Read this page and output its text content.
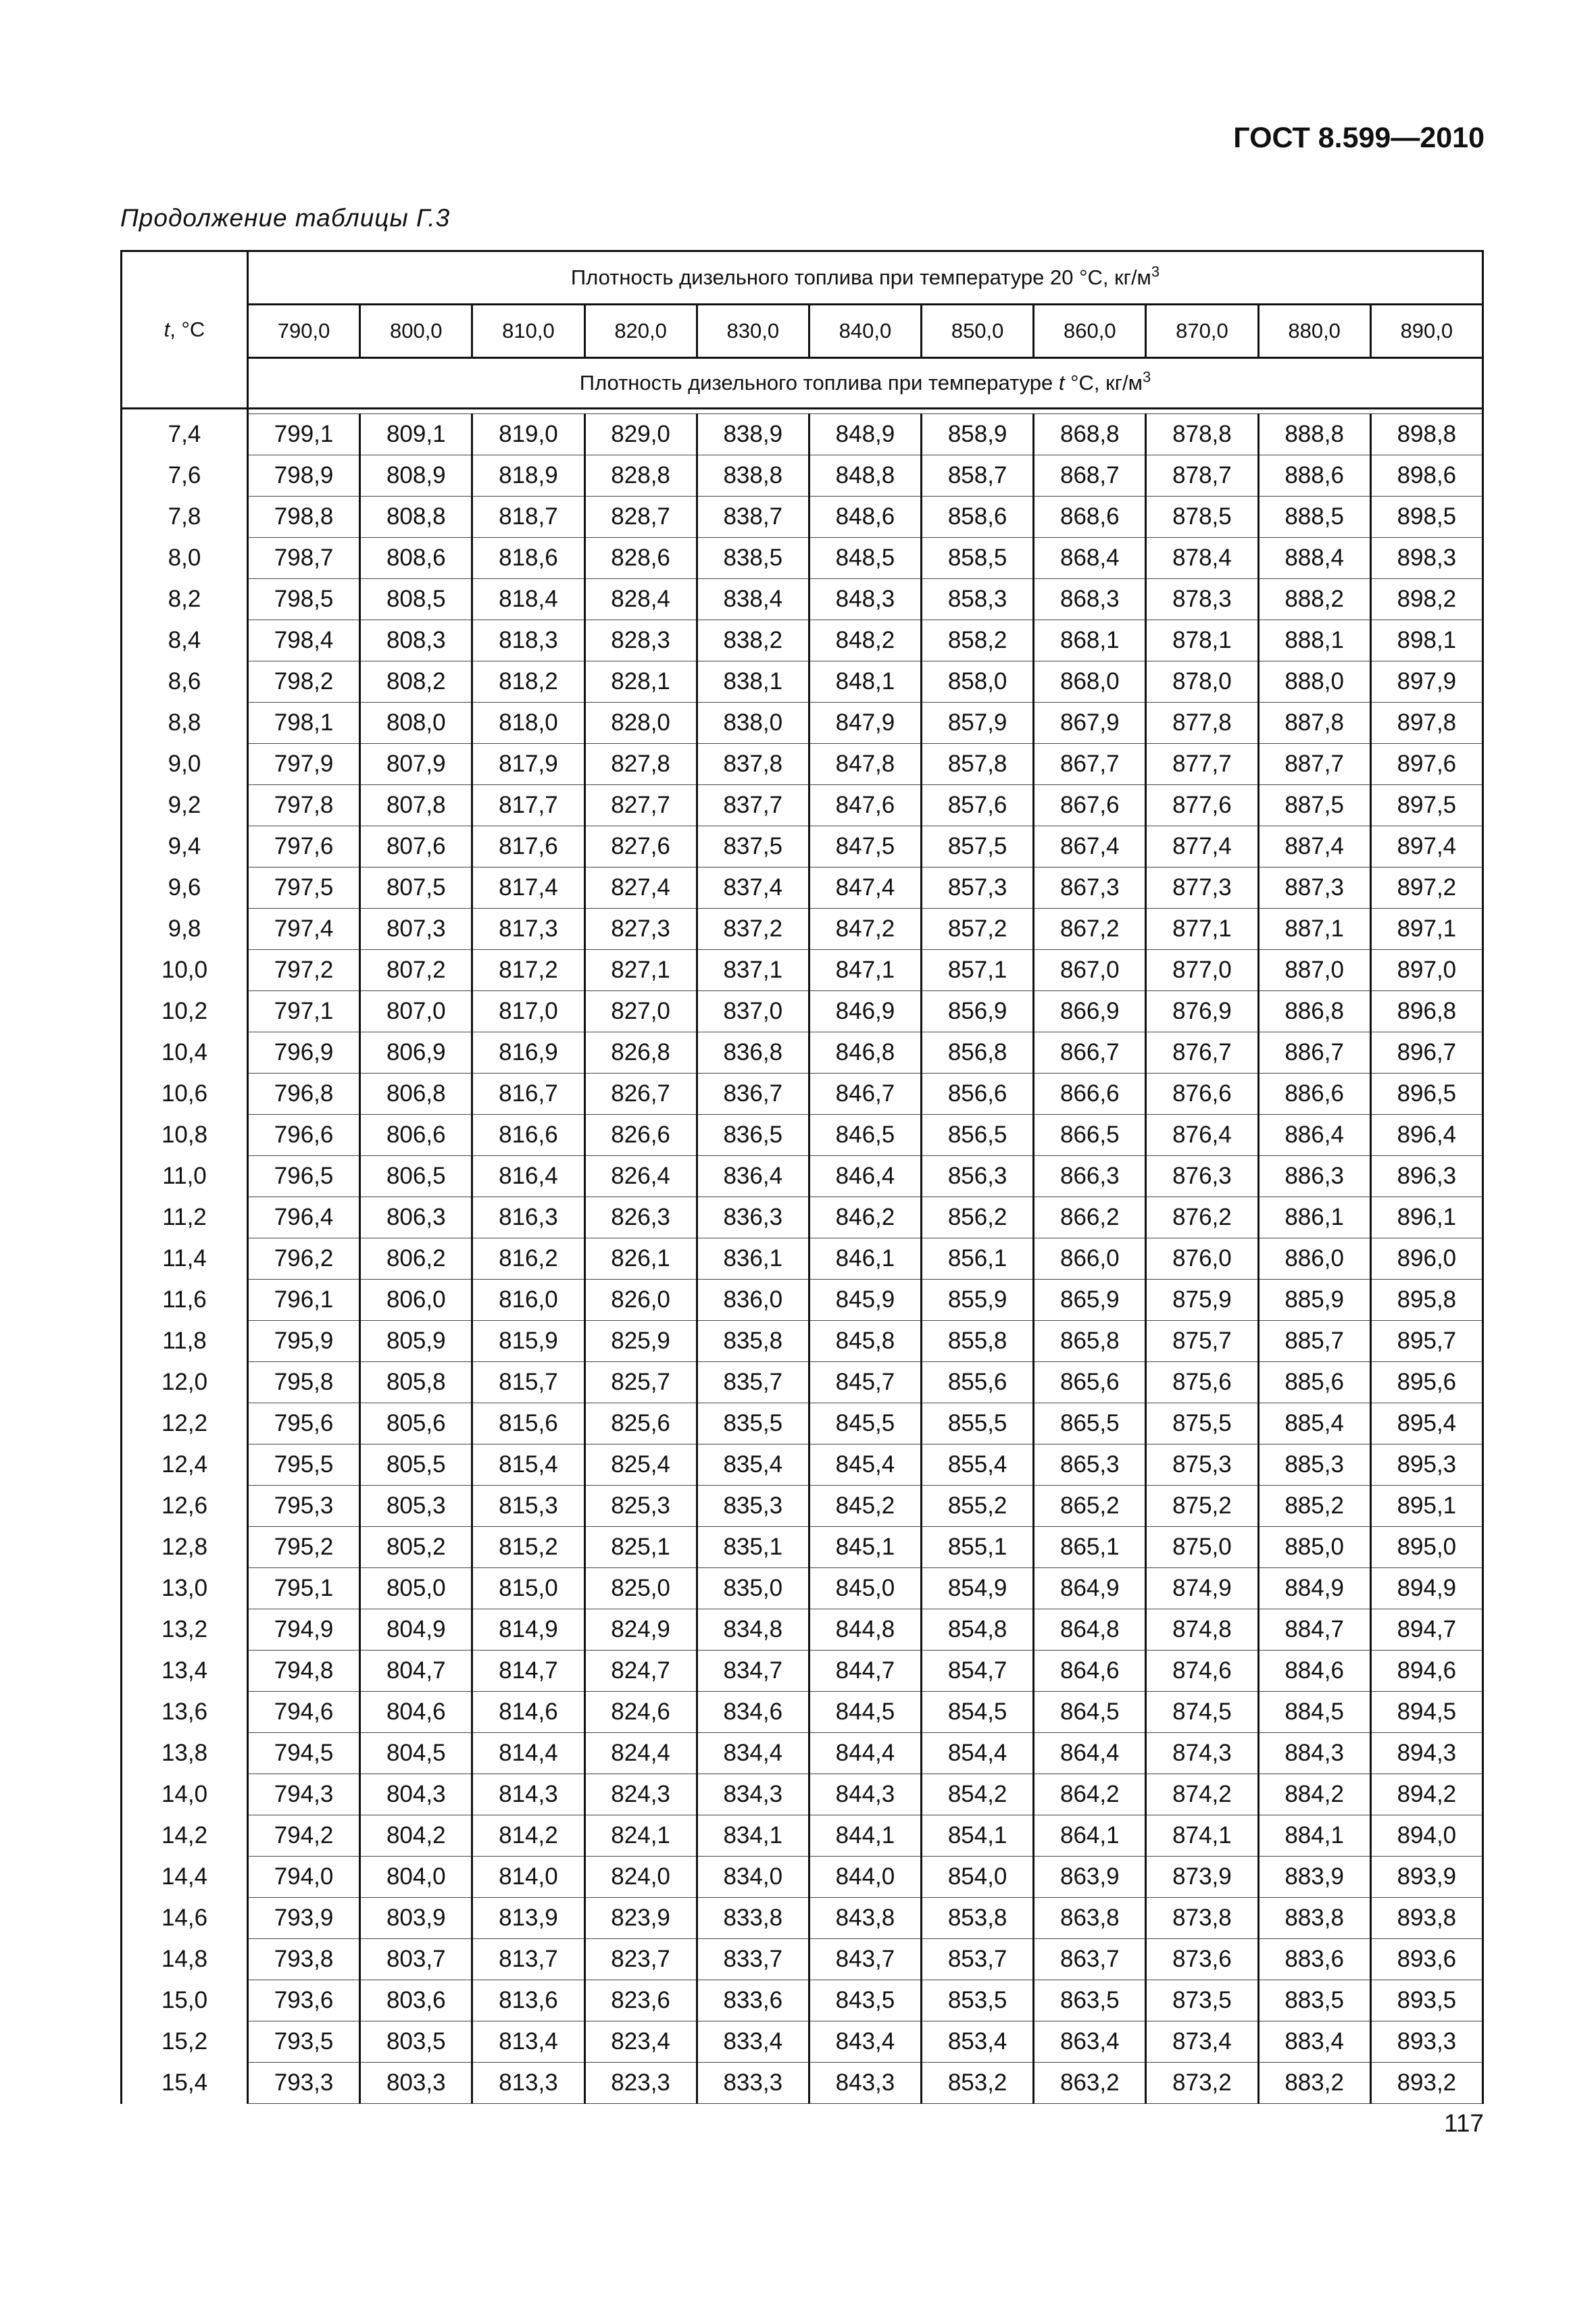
ГОСТ 8.599—2010
Продолжение таблицы Г.3
t, °С	Плотность дизельного топлива при температуре 20 °С, $кг/м^3$
	790,0	800,0	810,0	820,0	830,0	840,0	850,0	860,0	870,0	880,0	890,0
	Плотность дизельного топлива при температуре t °С, $кг/м^3$

7,4	799,1	809,1	819,0	829,0	838,9	848,9	858,9	868,8	878,8	888,8	898,8
7,6	798,9	808,9	818,9	828,8	838,8	848,8	858,7	868,7	878,7	888,6	898,6
7,8	798,8	808,8	818,7	828,7	838,7	848,6	858,6	868,6	878,5	888,5	898,5
8,0	798,7	808,6	818,6	828,6	838,5	848,5	858,5	868,4	878,4	888,4	898,3
8,2	798,5	808,5	818,4	828,4	838,4	848,3	858,3	868,3	878,3	888,2	898,2
8,4	798,4	808,3	818,3	828,3	838,2	848,2	858,2	868,1	878,1	888,1	898,1
8,6	798,2	808,2	818,2	828,1	838,1	848,1	858,0	868,0	878,0	888,0	897,9
8,8	798,1	808,0	818,0	828,0	838,0	847,9	857,9	867,9	877,8	887,8	897,8
9,0	797,9	807,9	817,9	827,8	837,8	847,8	857,8	867,7	877,7	887,7	897,6
9,2	797,8	807,8	817,7	827,7	837,7	847,6	857,6	867,6	877,6	887,5	897,5
9,4	797,6	807,6	817,6	827,6	837,5	847,5	857,5	867,4	877,4	887,4	897,4
9,6	797,5	807,5	817,4	827,4	837,4	847,4	857,3	867,3	877,3	887,3	897,2
9,8	797,4	807,3	817,3	827,3	837,2	847,2	857,2	867,2	877,1	887,1	897,1
10,0	797,2	807,2	817,2	827,1	837,1	847,1	857,1	867,0	877,0	887,0	897,0
10,2	797,1	807,0	817,0	827,0	837,0	846,9	856,9	866,9	876,9	886,8	896,8
10,4	796,9	806,9	816,9	826,8	836,8	846,8	856,8	866,7	876,7	886,7	896,7
10,6	796,8	806,8	816,7	826,7	836,7	846,7	856,6	866,6	876,6	886,6	896,5
10,8	796,6	806,6	816,6	826,6	836,5	846,5	856,5	866,5	876,4	886,4	896,4
11,0	796,5	806,5	816,4	826,4	836,4	846,4	856,3	866,3	876,3	886,3	896,3
11,2	796,4	806,3	816,3	826,3	836,3	846,2	856,2	866,2	876,2	886,1	896,1
11,4	796,2	806,2	816,2	826,1	836,1	846,1	856,1	866,0	876,0	886,0	896,0
11,6	796,1	806,0	816,0	826,0	836,0	845,9	855,9	865,9	875,9	885,9	895,8
11,8	795,9	805,9	815,9	825,9	835,8	845,8	855,8	865,8	875,7	885,7	895,7
12,0	795,8	805,8	815,7	825,7	835,7	845,7	855,6	865,6	875,6	885,6	895,6
12,2	795,6	805,6	815,6	825,6	835,5	845,5	855,5	865,5	875,5	885,4	895,4
12,4	795,5	805,5	815,4	825,4	835,4	845,4	855,4	865,3	875,3	885,3	895,3
12,6	795,3	805,3	815,3	825,3	835,3	845,2	855,2	865,2	875,2	885,2	895,1
12,8	795,2	805,2	815,2	825,1	835,1	845,1	855,1	865,1	875,0	885,0	895,0
13,0	795,1	805,0	815,0	825,0	835,0	845,0	854,9	864,9	874,9	884,9	894,9
13,2	794,9	804,9	814,9	824,9	834,8	844,8	854,8	864,8	874,8	884,7	894,7
13,4	794,8	804,7	814,7	824,7	834,7	844,7	854,7	864,6	874,6	884,6	894,6
13,6	794,6	804,6	814,6	824,6	834,6	844,5	854,5	864,5	874,5	884,5	894,5
13,8	794,5	804,5	814,4	824,4	834,4	844,4	854,4	864,4	874,3	884,3	894,3
14,0	794,3	804,3	814,3	824,3	834,3	844,3	854,2	864,2	874,2	884,2	894,2
14,2	794,2	804,2	814,2	824,1	834,1	844,1	854,1	864,1	874,1	884,1	894,0
14,4	794,0	804,0	814,0	824,0	834,0	844,0	854,0	863,9	873,9	883,9	893,9
14,6	793,9	803,9	813,9	823,9	833,8	843,8	853,8	863,8	873,8	883,8	893,8
14,8	793,8	803,7	813,7	823,7	833,7	843,7	853,7	863,7	873,6	883,6	893,6
15,0	793,6	803,6	813,6	823,6	833,6	843,5	853,5	863,5	873,5	883,5	893,5
15,2	793,5	803,5	813,4	823,4	833,4	843,4	853,4	863,4	873,4	883,4	893,3
15,4	793,3	803,3	813,3	823,3	833,3	843,3	853,2	863,2	873,2	883,2	893,2
117
